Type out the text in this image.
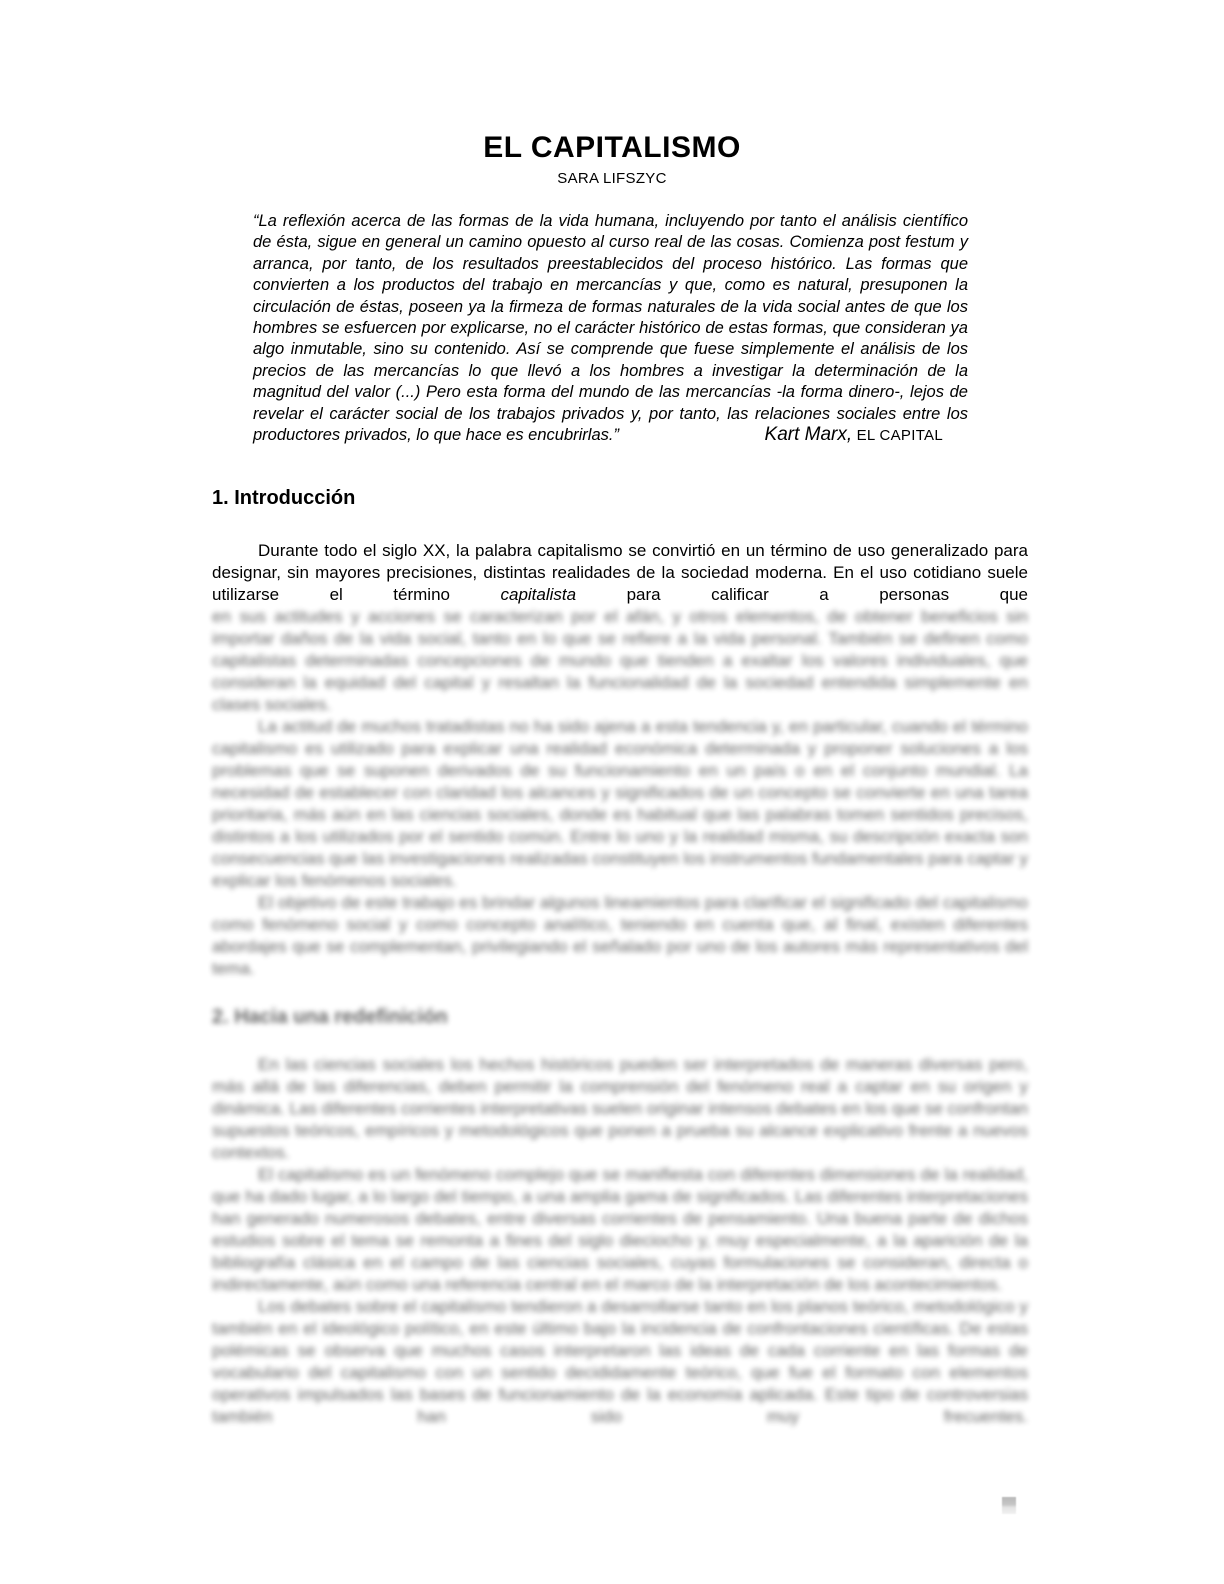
EL CAPITALISMO
SARA LIFSZYC
“La reflexión acerca de las formas de la vida humana, incluyendo por tanto el análisis científico de ésta, sigue en general un camino opuesto al curso real de las cosas. Comienza post festum y arranca, por tanto, de los resultados preestablecidos del proceso histórico. Las formas que convierten a los productos del trabajo en mercancías y que, como es natural, presuponen la circulación de éstas, poseen ya la firmeza de formas naturales de la vida social antes de que los hombres se esfuercen por explicarse, no el carácter histórico de estas formas, que consideran ya algo inmutable, sino su contenido. Así se comprende que fuese simplemente el análisis de los precios de las mercancías lo que llevó a los hombres a investigar la determinación de la magnitud del valor (...) Pero esta forma del mundo de las mercancías -la forma dinero-, lejos de revelar el carácter social de los trabajos privados y, por tanto, las relaciones sociales entre los productores privados, lo que hace es encubrirlas.”	Kart Marx, EL CAPITAL
1. Introducción

Durante todo el siglo XX, la palabra capitalismo se convirtió en un término de uso generalizado para designar, sin mayores precisiones, distintas realidades de la sociedad moderna. En el uso cotidiano suele utilizarse el término capitalista para calificar a personas que

en sus actitudes y acciones se caracterizan por el afán, y otros elementos, de obtener beneficios sin importar daños de la vida social, tanto en lo que se refiere a la vida personal. También se definen como capitalistas determinadas concepciones de mundo que tienden a exaltar los valores individuales, que consideran la equidad del capital y resaltan la funcionalidad de la sociedad entendida simplemente en clases sociales.

La actitud de muchos tratadistas no ha sido ajena a esta tendencia y, en particular, cuando el término capitalismo es utilizado para explicar una realidad económica determinada y proponer soluciones a los problemas que se suponen derivados de su funcionamiento en un país o en el conjunto mundial. La necesidad de establecer con claridad los alcances y significados de un concepto se convierte en una tarea prioritaria, más aún en las ciencias sociales, donde es habitual que las palabras tomen sentidos precisos, distintos a los utilizados por el sentido común. Entre lo uno y la realidad misma, su descripción exacta son consecuencias que las investigaciones realizadas constituyen los instrumentos fundamentales para captar y explicar los fenómenos sociales.

El objetivo de este trabajo es brindar algunos lineamientos para clarificar el significado del capitalismo como fenómeno social y como concepto analítico, teniendo en cuenta que, al final, existen diferentes abordajes que se complementan, privilegiando el señalado por uno de los autores más representativos del tema.

2. Hacia una redefinición

En las ciencias sociales los hechos históricos pueden ser interpretados de maneras diversas pero, más allá de las diferencias, deben permitir la comprensión del fenómeno real a captar en su origen y dinámica. Las diferentes corrientes interpretativas suelen originar intensos debates en los que se confrontan supuestos teóricos, empíricos y metodológicos que ponen a prueba su alcance explicativo frente a nuevos contextos.

El capitalismo es un fenómeno complejo que se manifiesta con diferentes dimensiones de la realidad, que ha dado lugar, a lo largo del tiempo, a una amplia gama de significados. Las diferentes interpretaciones han generado numerosos debates, entre diversas corrientes de pensamiento. Una buena parte de dichos estudios sobre el tema se remonta a fines del siglo dieciocho y, muy especialmente, a la aparición de la bibliografía clásica en el campo de las ciencias sociales, cuyas formulaciones se consideran, directa o indirectamente, aún como una referencia central en el marco de la interpretación de los acontecimientos.

Los debates sobre el capitalismo tendieron a desarrollarse tanto en los planos teórico, metodológico y también en el ideológico político, en este último bajo la incidencia de confrontaciones científicas. De estas polémicas se observa que muchos casos interpretaron las ideas de cada corriente en las formas de vocabulario del capitalismo con un sentido decididamente teórico, que fue el formato con elementos operativos impulsados las bases de funcionamiento de la economía aplicada. Este tipo de controversias también han sido muy frecuentes.
